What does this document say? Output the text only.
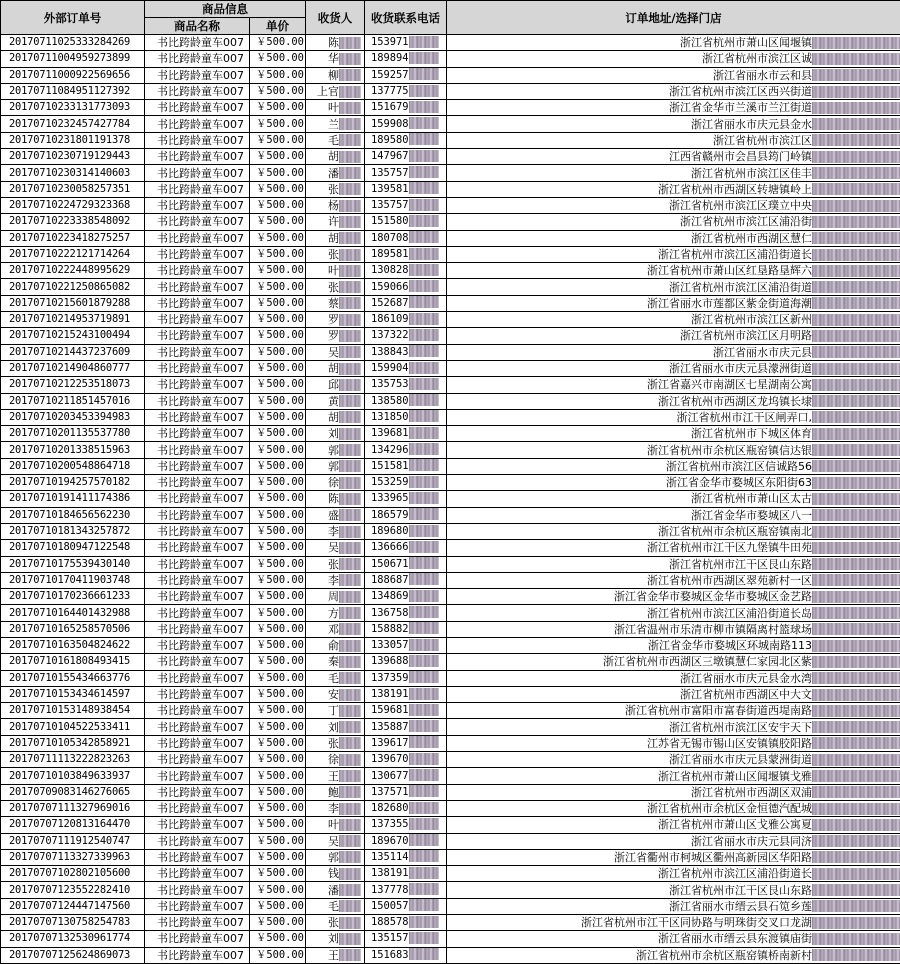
外部订单号	商品信息		收货人	收货联系电话	订单地址/选择门店
	商品名称	单价			
20170711025333284269	书比跨龄童车007	￥500.00	陈	153971	浙江省杭州市萧山区闻堰镇
20170711004959273899	书比跨龄童车007	￥500.00	华	189894	浙江省杭州市滨江区诚
20170711000922569656	书比跨龄童车007	￥500.00	柳	159257	浙江省丽水市云和县
20170711084951127392	书比跨龄童车007	￥500.00	上官	137775	浙江省杭州市滨江区西兴街道
20170710233131773093	书比跨龄童车007	￥500.00	叶	151679	浙江省金华市兰溪市兰江街道
20170710232457427784	书比跨龄童车007	￥500.00	兰	159908	浙江省丽水市庆元县金水
20170710231801191378	书比跨龄童车007	￥500.00	毛	189580	浙江省杭州市滨江区
20170710230719129443	书比跨龄童车007	￥500.00	胡	147967	江西省赣州市会昌县筠门岭镇
20170710230314140603	书比跨龄童车007	￥500.00	潘	135757	浙江省杭州市滨江区佳丰
20170710230058257351	书比跨龄童车007	￥500.00	张	139581	浙江省杭州市西湖区转塘镇岭上
20170710224729323368	书比跨龄童车007	￥500.00	杨	135757	浙江省杭州市滨江区璞立中央
20170710223338548092	书比跨龄童车007	￥500.00	许	151580	浙江省杭州市滨江区浦沿街
20170710223418275257	书比跨龄童车007	￥500.00	胡	180708	浙江省杭州市西湖区慧仁
20170710222121714264	书比跨龄童车007	￥500.00	张	189581	浙江省杭州市滨江区浦沿街道长
20170710222448995629	书比跨龄童车007	￥500.00	叶	130828	浙江省杭州市萧山区红垦路垦辉六
20170710221250865082	书比跨龄童车007	￥500.00	张	159066	浙江省杭州市滨江区浦沿街道
20170710215601879288	书比跨龄童车007	￥500.00	蔡	152687	浙江省丽水市莲都区紫金街道海潮
20170710214953719891	书比跨龄童车007	￥500.00	罗	186109	浙江省杭州市滨江区新州
20170710215243100494	书比跨龄童车007	￥500.00	罗	137322	浙江省杭州市滨江区月明路
20170710214437237609	书比跨龄童车007	￥500.00	吴	138843	浙江省丽水市庆元县
20170710214904860777	书比跨龄童车007	￥500.00	胡	159904	浙江省丽水市庆元县濛洲街道
20170710212253518073	书比跨龄童车007	￥500.00	邱	135753	浙江省嘉兴市南湖区七星湖南公寓
20170710211851457016	书比跨龄童车007	￥500.00	黄	138580	浙江省杭州市西湖区龙坞镇长埭
20170710203453394983	书比跨龄童车007	￥500.00	胡	131850	浙江省杭州市江干区闸弄口,
20170710201135537780	书比跨龄童车007	￥500.00	刘	139681	浙江省杭州市下城区体育
20170710201338515963	书比跨龄童车007	￥500.00	郭	134296	浙江省杭州市余杭区瓶窑镇信达银
20170710200548864718	书比跨龄童车007	￥500.00	郭	151581	浙江省杭州市滨江区信诚路56
20170710194257570182	书比跨龄童车007	￥500.00	徐	153259	浙江省金华市婺城区东阳街63
20170710191411174386	书比跨龄童车007	￥500.00	陈	133965	浙江省杭州市萧山区太古
20170710184656562230	书比跨龄童车007	￥500.00	盛	186579	浙江省金华市婺城区八一
20170710181343257872	书比跨龄童车007	￥500.00	李	189680	浙江省杭州市余杭区瓶窑镇南北
20170710180947122548	书比跨龄童车007	￥500.00	吴	136666	浙江省杭州市江干区九堡镇牛田苑
20170710175539430140	书比跨龄童车007	￥500.00	张	150671	浙江省杭州市江干区艮山东路
20170710170411903748	书比跨龄童车007	￥500.00	李	188687	浙江省杭州市西湖区翠苑新村一区
20170710170236661233	书比跨龄童车007	￥500.00	周	134869	浙江省金华市婺城区金华市婺城区金艺路
20170710164401432988	书比跨龄童车007	￥500.00	方	136758	浙江省杭州市滨江区浦沿街道长岛
20170710165258570506	书比跨龄童车007	￥500.00	邓	158882	浙江省温州市乐清市柳市镇隔离村篮球场
20170710163504824622	书比跨龄童车007	￥500.00	俞	133057	浙江省金华市婺城区环城南路113
20170710161808493415	书比跨龄童车007	￥500.00	秦	139688	浙江省杭州市西湖区三墩镇慧仁家园北区紫
20170710155434663776	书比跨龄童车007	￥500.00	毛	137359	浙江省丽水市庆元县金水湾
20170710153434614597	书比跨龄童车007	￥500.00	安	138191	浙江省杭州市西湖区中大文
20170710153148938454	书比跨龄童车007	￥500.00	丁	159681	浙江省杭州市富阳市富春街道西堤南路
20170710104522533411	书比跨龄童车007	￥500.00	刘	135887	浙江省杭州市滨江区安宇天下
20170710105342858921	书比跨龄童车007	￥500.00	张	139617	江苏省无锡市锡山区安镇镇胶阳路
20170711113222823263	书比跨龄童车007	￥500.00	徐	139670	浙江省丽水市庆元县蒙洲街道
20170710103849633937	书比跨龄童车007	￥500.00	王	130677	浙江省杭州市萧山区闻堰镇戈雅
20170709083146276065	书比跨龄童车007	￥500.00	鲍	137571	浙江省杭州市西湖区双浦
20170707111327969016	书比跨龄童车007	￥500.00	李	182680	浙江省杭州市余杭区金恒德汽配城
20170707120813164470	书比跨龄童车007	￥500.00	叶	137355	浙江省杭州市萧山区戈雅公寓夏
20170707111912540747	书比跨龄童车007	￥500.00	吴	189670	浙江省丽水市庆元县同济
20170707113327339963	书比跨龄童车007	￥500.00	郭	135114	浙江省衢州市柯城区衢州高新园区华阳路
20170707102802105600	书比跨龄童车007	￥500.00	钱	138191	浙江省杭州市滨江区浦沿街道长
20170707123552282410	书比跨龄童车007	￥500.00	潘	137778	浙江省杭州市江干区艮山东路
20170707124447147560	书比跨龄童车007	￥500.00	毛	150057	浙江省丽水市缙云县石笕乡莲
20170707130758254783	书比跨龄童车007	￥500.00	张	188578	浙江省杭州市江干区同协路与明珠街交叉口龙湖
20170707132530961774	书比跨龄童车007	￥500.00	刘	135157	浙江省丽水市缙云县东渡镇庙街
20170707125624869073	书比跨龄童车007	￥500.00	王	151683	浙江省杭州市余杭区瓶窑镇桥南新村
